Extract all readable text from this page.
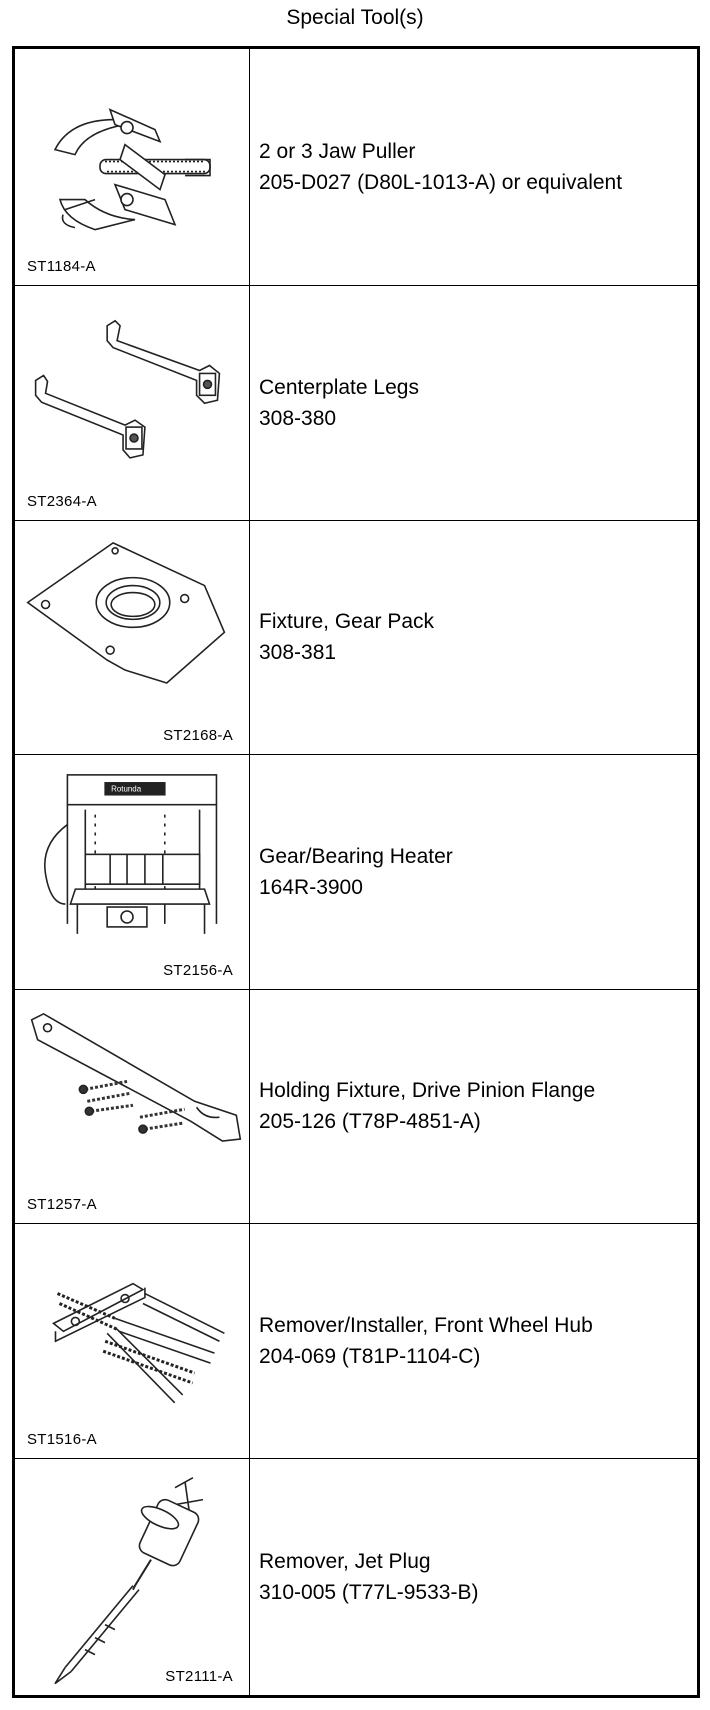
Special Tool(s)
ST1184-A	2 or 3 Jaw Puller
205-D027 (D80L-1013-A) or equivalent

ST2364-A	Centerplate Legs
308-380

ST2168-A	Fixture, Gear Pack
308-381

Rotunda
ST2156-A	Gear/Bearing Heater
164R-3900

ST1257-A	Holding Fixture, Drive Pinion Flange
205-126 (T78P-4851-A)

ST1516-A	Remover/Installer, Front Wheel Hub
204-069 (T81P-1104-C)

ST2111-A	Remover, Jet Plug
310-005 (T77L-9533-B)
